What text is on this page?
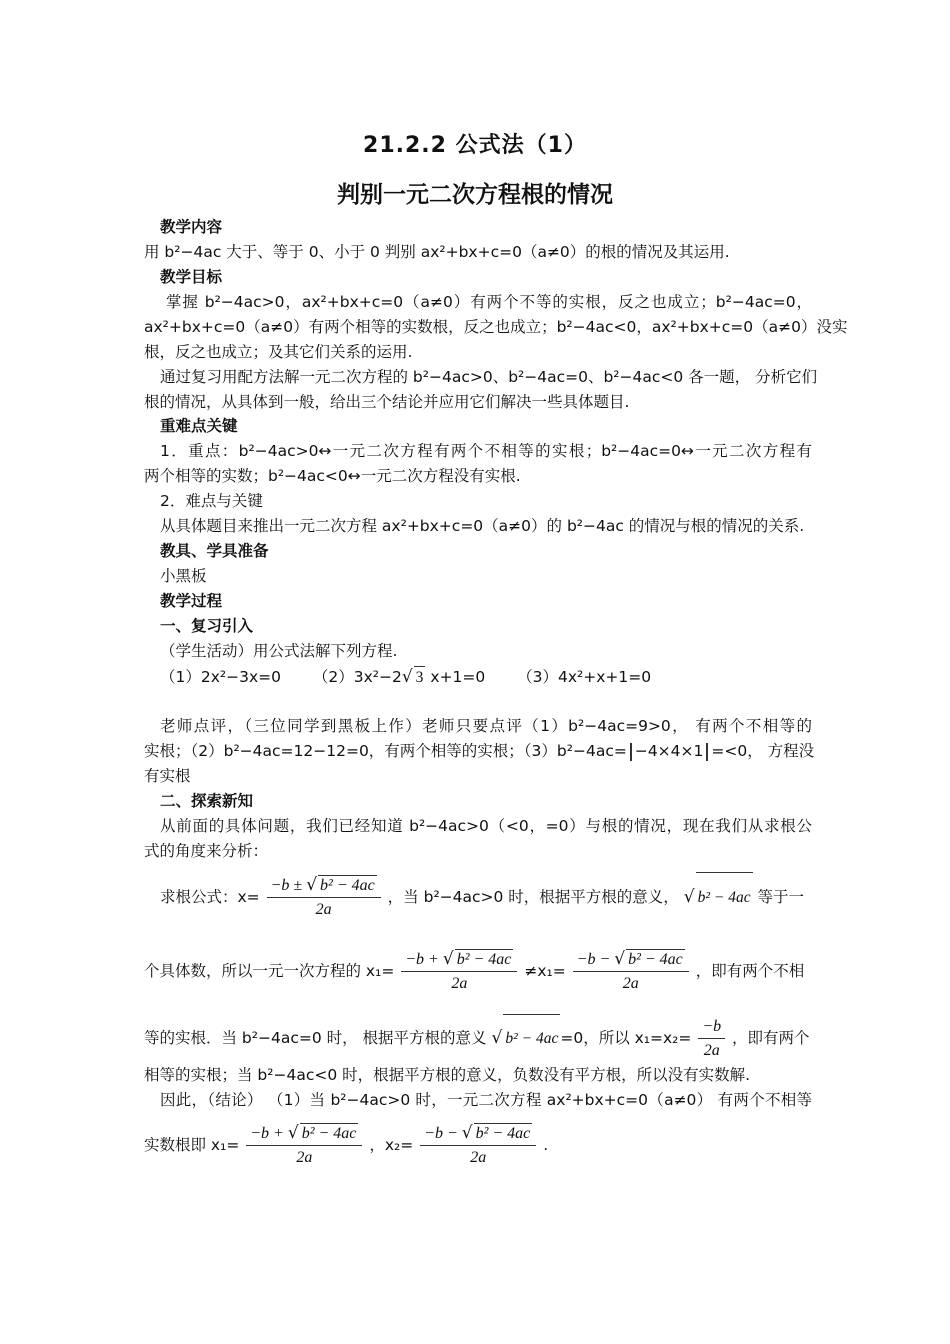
21.2.2 公式法（1）
判别一元二次方程根的情况
教学内容
用 b²−4ac 大于、等于 0、小于 0 判别 ax²+bx+c=0（a≠0）的根的情况及其运用.
教学目标
掌握 b²−4ac>0，ax²+bx+c=0（a≠0）有两个不等的实根，反之也成立；b²−4ac=0，
ax²+bx+c=0（a≠0）有两个相等的实数根，反之也成立；b²−4ac<0，ax²+bx+c=0（a≠0）没实
根，反之也成立；及其它们关系的运用.
通过复习用配方法解一元二次方程的 b²−4ac>0、b²−4ac=0、b²−4ac<0 各一题， 分析它们
根的情况，从具体到一般，给出三个结论并应用它们解决一些具体题目.
重难点关键
1．重点：b²−4ac>0↔一元二次方程有两个不相等的实根；b²−4ac=0↔一元二次方程有
两个相等的实数；b²−4ac<0↔一元二次方程没有实根.
2．难点与关键
从具体题目来推出一元二次方程 ax²+bx+c=0（a≠0）的 b²−4ac 的情况与根的情况的关系.
教具、学具准备
小黑板
教学过程
一、复习引入
（学生活动）用公式法解下列方程.
（1）2x²−3x=0 （2）3x²−2√ 3 x+1=0 （3）4x²+x+1=0
老师点评，（三位同学到黑板上作）老师只要点评（1）b²−4ac=9>0， 有两个不相等的
实根；（2）b²−4ac=12−12=0，有两个相等的实根；（3）b²−4ac= −4×4×1 =<0， 方程没
有实根
二、探索新知
从前面的具体问题，我们已经知道 b²−4ac>0（<0，=0）与根的情况，现在我们从求根公
式的角度来分析：
求根公式：$x= \frac{\text{−b ± √ b² − 4ac}}{2a}$ ，当 b²−4ac>0 时，根据平方根的意义， √ b² − 4ac 等于一
个具体数，所以一元一次方程的 $x_1= \frac{\text{−b + √ b² − 4ac}}{2a} \ne x_1= \frac{\text{−b − √ b² − 4ac}}{2a}$ ，即有两个不相
等的实根．当 b²−4ac=0 时， 根据平方根的意义 √ b² − 4ac =0，所以 $x_1=x_2= \frac{-b}{2a}$ ，即有两个
相等的实根；当 b²−4ac<0 时，根据平方根的意义，负数没有平方根，所以没有实数解.
因此，（结论） （1）当 b²−4ac>0 时，一元二次方程 ax²+bx+c=0（a≠0） 有两个不相等
实数根即 $x_1= \frac{\text{−b + √ b² − 4ac}}{2a}$ ，$x_2= \frac{\text{−b − √ b² − 4ac}}{2a}$ .
